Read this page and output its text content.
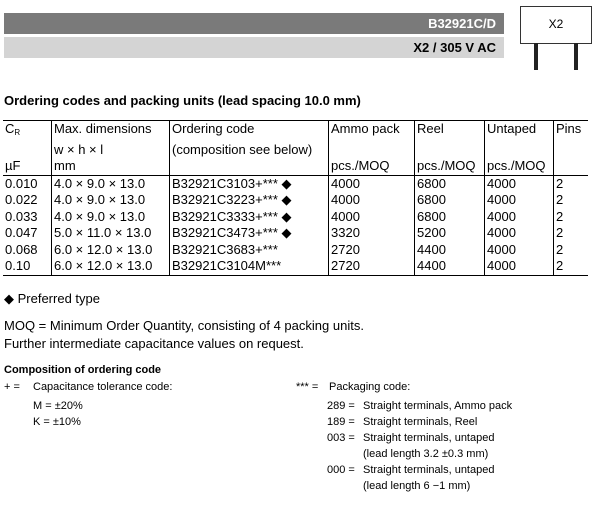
B32921C/D
X2 / 305 V AC
X2
Ordering codes and packing units (lead spacing 10.0 mm)
$C_R$	Max. dimensions	Ordering code	Ammo pack	Reel	Untaped	Pins
	w × h × l	(composition see below)				
µF	mm		pcs./MOQ	pcs./MOQ	pcs./MOQ	
0.010	4.0 × 9.0 × 13.0	B32921C3103+*** ◆	4000	6800	4000	2
0.022	4.0 × 9.0 × 13.0	B32921C3223+*** ◆	4000	6800	4000	2
0.033	4.0 × 9.0 × 13.0	B32921C3333+*** ◆	4000	6800	4000	2
0.047	5.0 × 11.0 × 13.0	B32921C3473+*** ◆	3320	5200	4000	2
0.068	6.0 × 12.0 × 13.0	B32921C3683+***	2720	4400	4000	2
0.10	6.0 × 12.0 × 13.0	B32921C3104M***	2720	4400	4000	2
◆ Preferred type
MOQ = Minimum Order Quantity, consisting of 4 packing units.
Further intermediate capacitance values on request.
Composition of ordering code
+ = Capacitance tolerance code:
M = ±20%
K = ±10%
*** = Packaging code:
289 = Straight terminals, Ammo pack
189 = Straight terminals, Reel
003 = Straight terminals, untaped
(lead length 3.2 ±0.3 mm)
000 = Straight terminals, untaped
(lead length 6 −1 mm)
